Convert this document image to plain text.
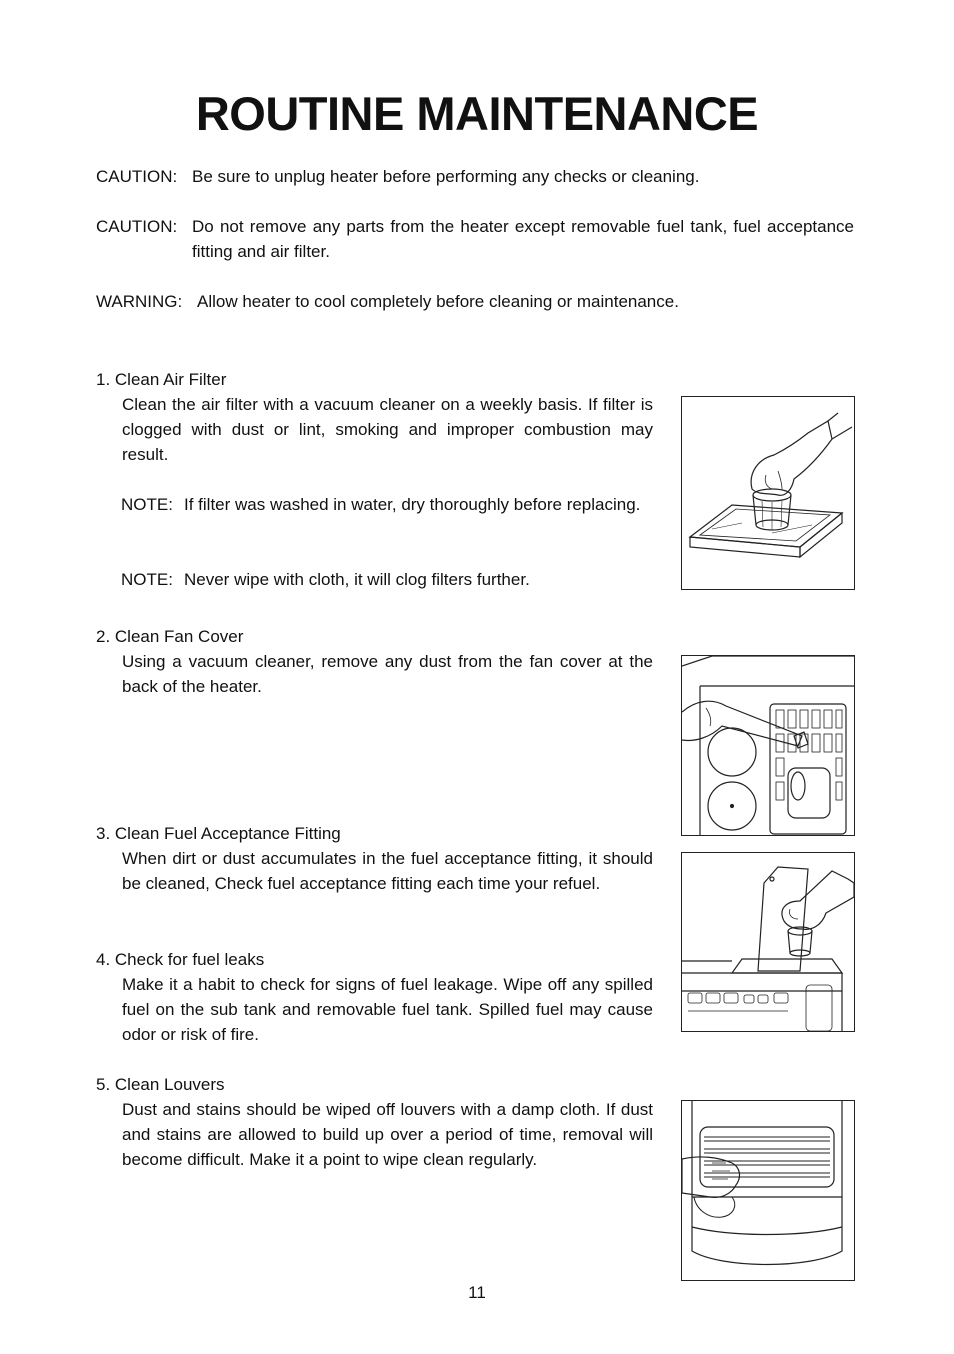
ROUTINE MAINTENANCE
CAUTION: Be sure to unplug heater before performing any checks or cleaning.
CAUTION: Do not remove any parts from the heater except removable fuel tank, fuel acceptance fitting and air filter.
WARNING: Allow heater to cool completely before cleaning or maintenance.
1. Clean Air Filter
Clean the air filter with a vacuum cleaner on a weekly basis. If filter is clogged with dust or lint, smoking and improper combustion may result.
NOTE: If filter was washed in water, dry thoroughly before replacing.
NOTE: Never wipe with cloth, it will clog filters further.
2. Clean Fan Cover
Using a vacuum cleaner, remove any dust from the fan cover at the back of the heater.
3. Clean Fuel Acceptance Fitting
When dirt or dust accumulates in the fuel acceptance fitting, it should be cleaned, Check fuel acceptance fitting each time your refuel.
4. Check for fuel leaks
Make it a habit to check for signs of fuel leakage. Wipe off any spilled fuel on the sub tank and removable fuel tank. Spilled fuel may cause odor or risk of fire.
5. Clean Louvers
Dust and stains should be wiped off louvers with a damp cloth. If dust and stains are allowed to build up over a period of time, removal will become difficult. Make it a point to wipe clean regularly.
11
